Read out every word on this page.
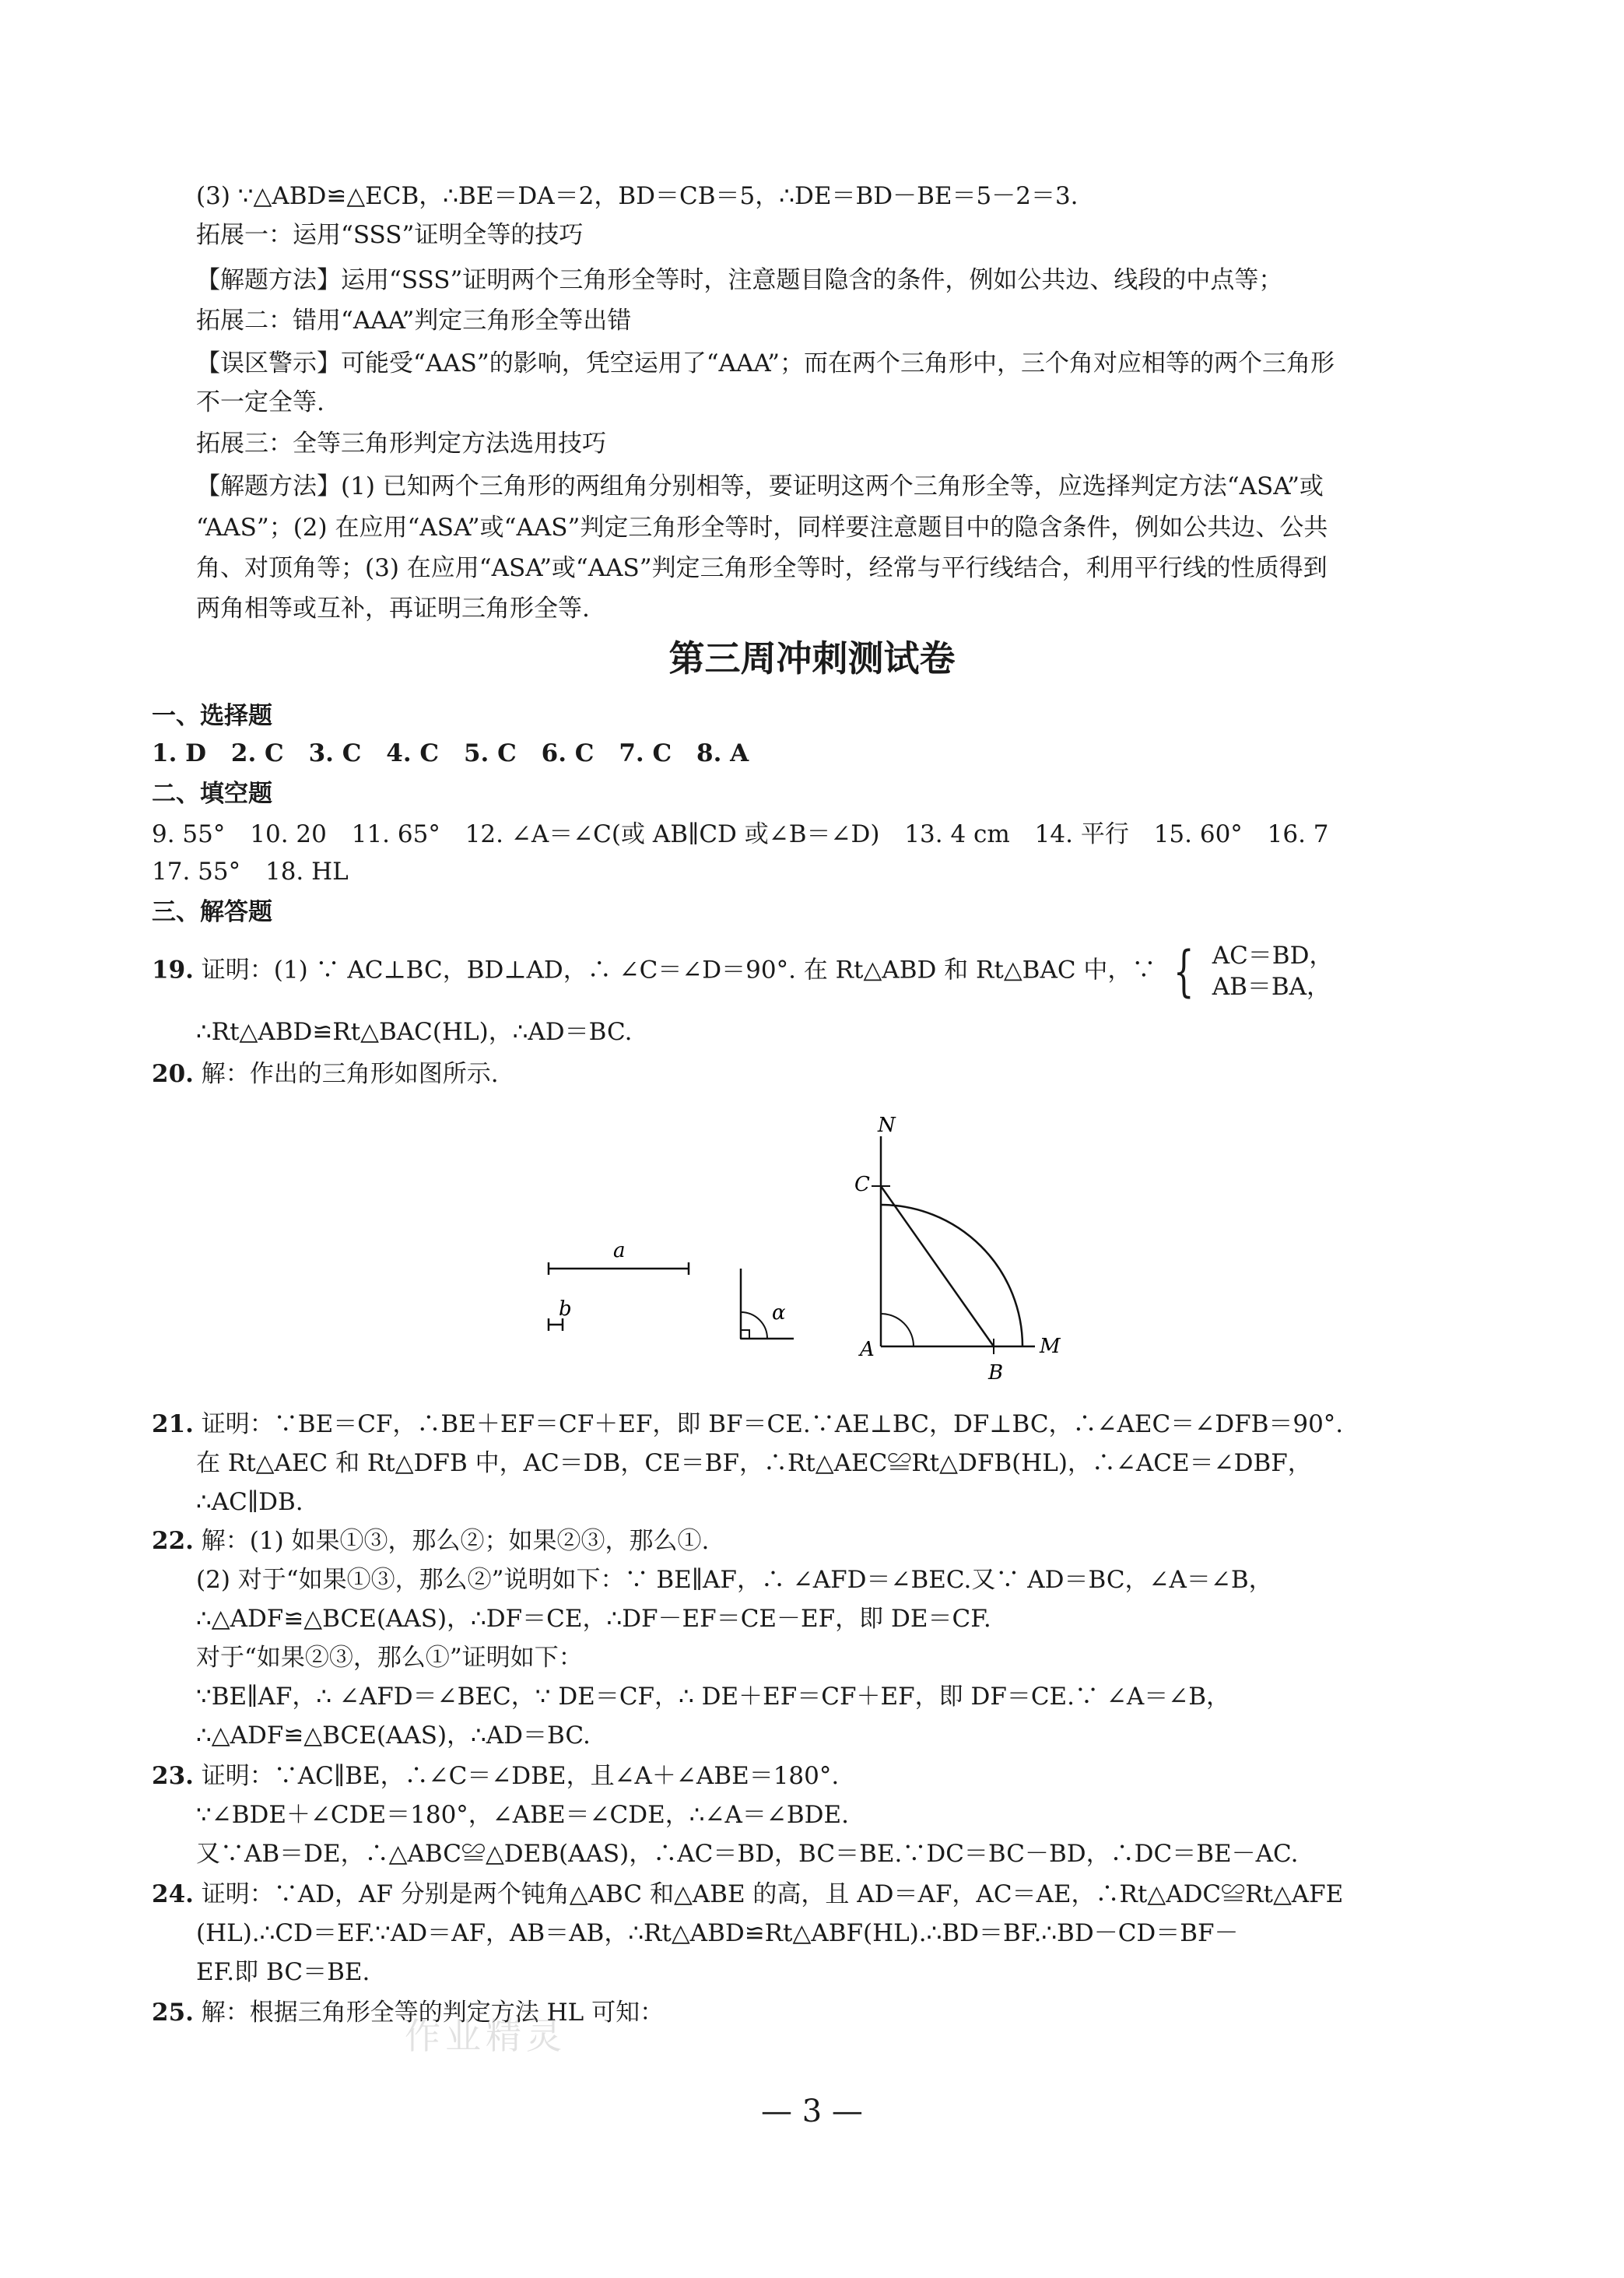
(3) ∵△ABD≌△ECB，∴BE＝DA＝2，BD＝CB＝5，∴DE＝BD－BE＝5－2＝3.
拓展一：运用“SSS”证明全等的技巧
【解题方法】运用“SSS”证明两个三角形全等时，注意题目隐含的条件，例如公共边、线段的中点等；
拓展二：错用“AAA”判定三角形全等出错
【误区警示】可能受“AAS”的影响，凭空运用了“AAA”；而在两个三角形中，三个角对应相等的两个三角形
不一定全等.
拓展三：全等三角形判定方法选用技巧
【解题方法】(1) 已知两个三角形的两组角分别相等，要证明这两个三角形全等，应选择判定方法“ASA”或
“AAS”；(2) 在应用“ASA”或“AAS”判定三角形全等时，同样要注意题目中的隐含条件，例如公共边、公共
角、对顶角等；(3) 在应用“ASA”或“AAS”判定三角形全等时，经常与平行线结合，利用平行线的性质得到
两角相等或互补，再证明三角形全等.
第三周冲刺测试卷
一、选择题
1. D 2. C 3. C 4. C 5. C 6. C 7. C 8. A
二、填空题
9. 55° 10. 20 11. 65° 12. ∠A＝∠C(或 AB∥CD 或∠B＝∠D) 13. 4 cm 14. 平行 15. 60° 16. 7
17. 55° 18. HL
三、解答题
19. 证明：(1) ∵ AC⊥BC，BD⊥AD，∴ ∠C＝∠D＝90°. 在 Rt△ABD 和 Rt△BAC 中，∵ { AC＝BD，
AB＝BA，
∴Rt△ABD≌Rt△BAC(HL)，∴AD＝BC.
20. 解：作出的三角形如图所示.
a
b	α
N
C
A
B
M
21. 证明：∵BE＝CF，∴BE＋EF＝CF＋EF，即 BF＝CE.∵AE⊥BC，DF⊥BC，∴∠AEC＝∠DFB＝90°.
在 Rt△AEC 和 Rt△DFB 中，AC＝DB，CE＝BF，∴Rt△AEC≌Rt△DFB(HL)，∴∠ACE＝∠DBF，
∴AC∥DB.
22. 解：(1) 如果①③，那么②；如果②③，那么①.
(2) 对于“如果①③，那么②”说明如下：∵ BE∥AF，∴ ∠AFD＝∠BEC.又∵ AD＝BC，∠A＝∠B，
∴△ADF≌△BCE(AAS)，∴DF＝CE，∴DF－EF＝CE－EF，即 DE＝CF.
对于“如果②③，那么①”证明如下：
∵BE∥AF，∴ ∠AFD＝∠BEC，∵ DE＝CF，∴ DE＋EF＝CF＋EF，即 DF＝CE.∵ ∠A＝∠B，
∴△ADF≌△BCE(AAS)，∴AD＝BC.
23. 证明：∵AC∥BE，∴∠C＝∠DBE，且∠A＋∠ABE＝180°.
∵∠BDE＋∠CDE＝180°，∠ABE＝∠CDE，∴∠A＝∠BDE.
又∵AB＝DE，∴△ABC≌△DEB(AAS)，∴AC＝BD，BC＝BE.∵DC＝BC－BD，∴DC＝BE－AC.
24. 证明：∵AD，AF 分别是两个钝角△ABC 和△ABE 的高，且 AD＝AF，AC＝AE，∴Rt△ADC≌Rt△AFE
(HL).∴CD＝EF.∵AD＝AF，AB＝AB，∴Rt△ABD≌Rt△ABF(HL).∴BD＝BF.∴BD－CD＝BF－
EF.即 BC＝BE.
25. 解：根据三角形全等的判定方法 HL 可知：
作业精灵
— 3 —
